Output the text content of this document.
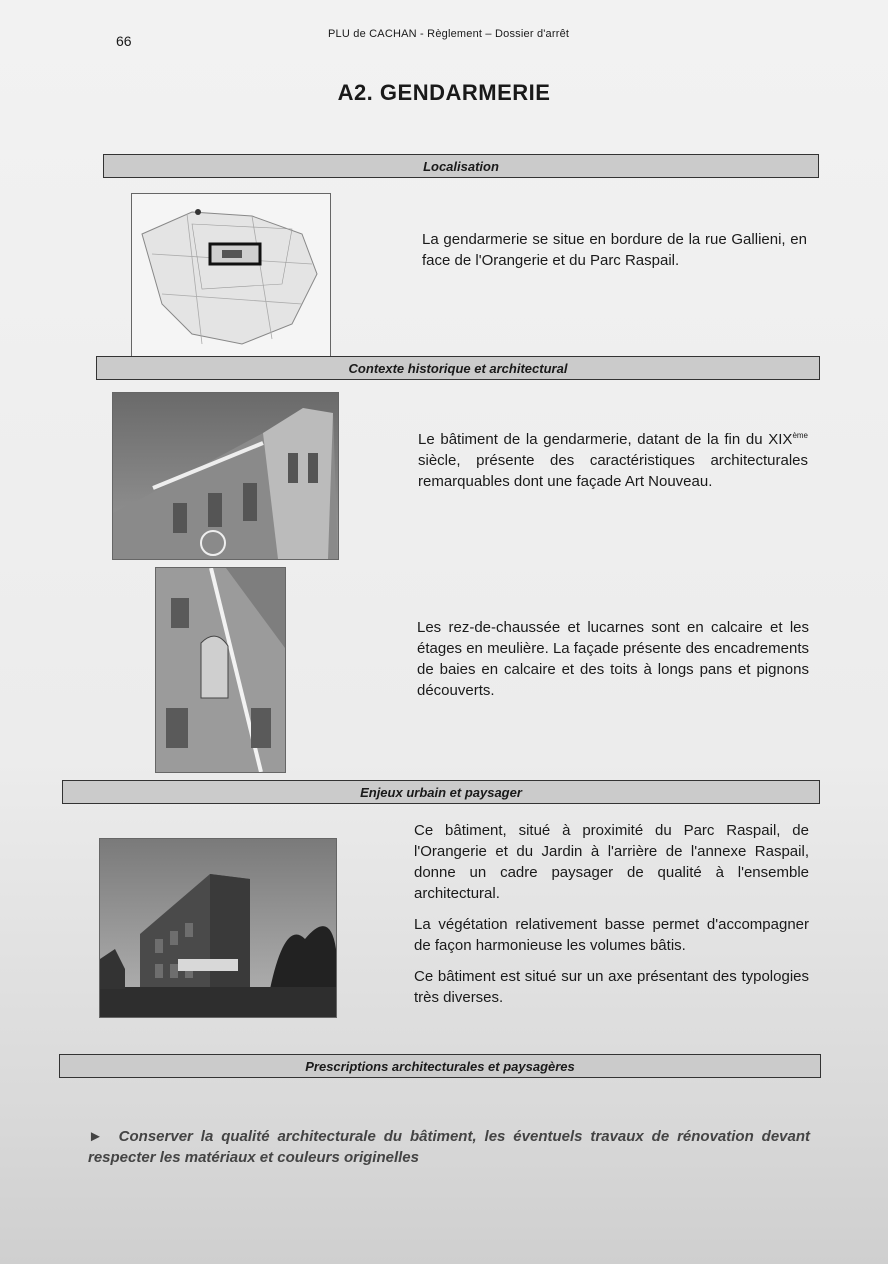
66	PLU de CACHAN - Règlement – Dossier d'arrêt
A2. GENDARMERIE
Localisation

La gendarmerie se situe en bordure de la rue Gallieni, en face de l'Orangerie et du Parc Raspail.

Contexte historique et architectural

Le bâtiment de la gendarmerie, datant de la fin du XIXème siècle, présente des caractéristiques architecturales remarquables dont une façade Art Nouveau.

Les rez-de-chaussée et lucarnes sont en calcaire et les étages en meulière. La façade présente des encadrements de baies en calcaire et des toits à longs pans et pignons découverts.

Enjeux urbain et paysager

Ce bâtiment, situé à proximité du Parc Raspail, de l'Orangerie et du Jardin à l'arrière de l'annexe Raspail, donne un cadre paysager de qualité à l'ensemble architectural.

La végétation relativement basse permet d'accompagner de façon harmonieuse les volumes bâtis.

Ce bâtiment est situé sur un axe présentant des typologies très diverses.

Prescriptions architecturales et paysagères
►  Conserver la qualité architecturale du bâtiment, les éventuels travaux de rénovation devant respecter les matériaux et couleurs originelles
